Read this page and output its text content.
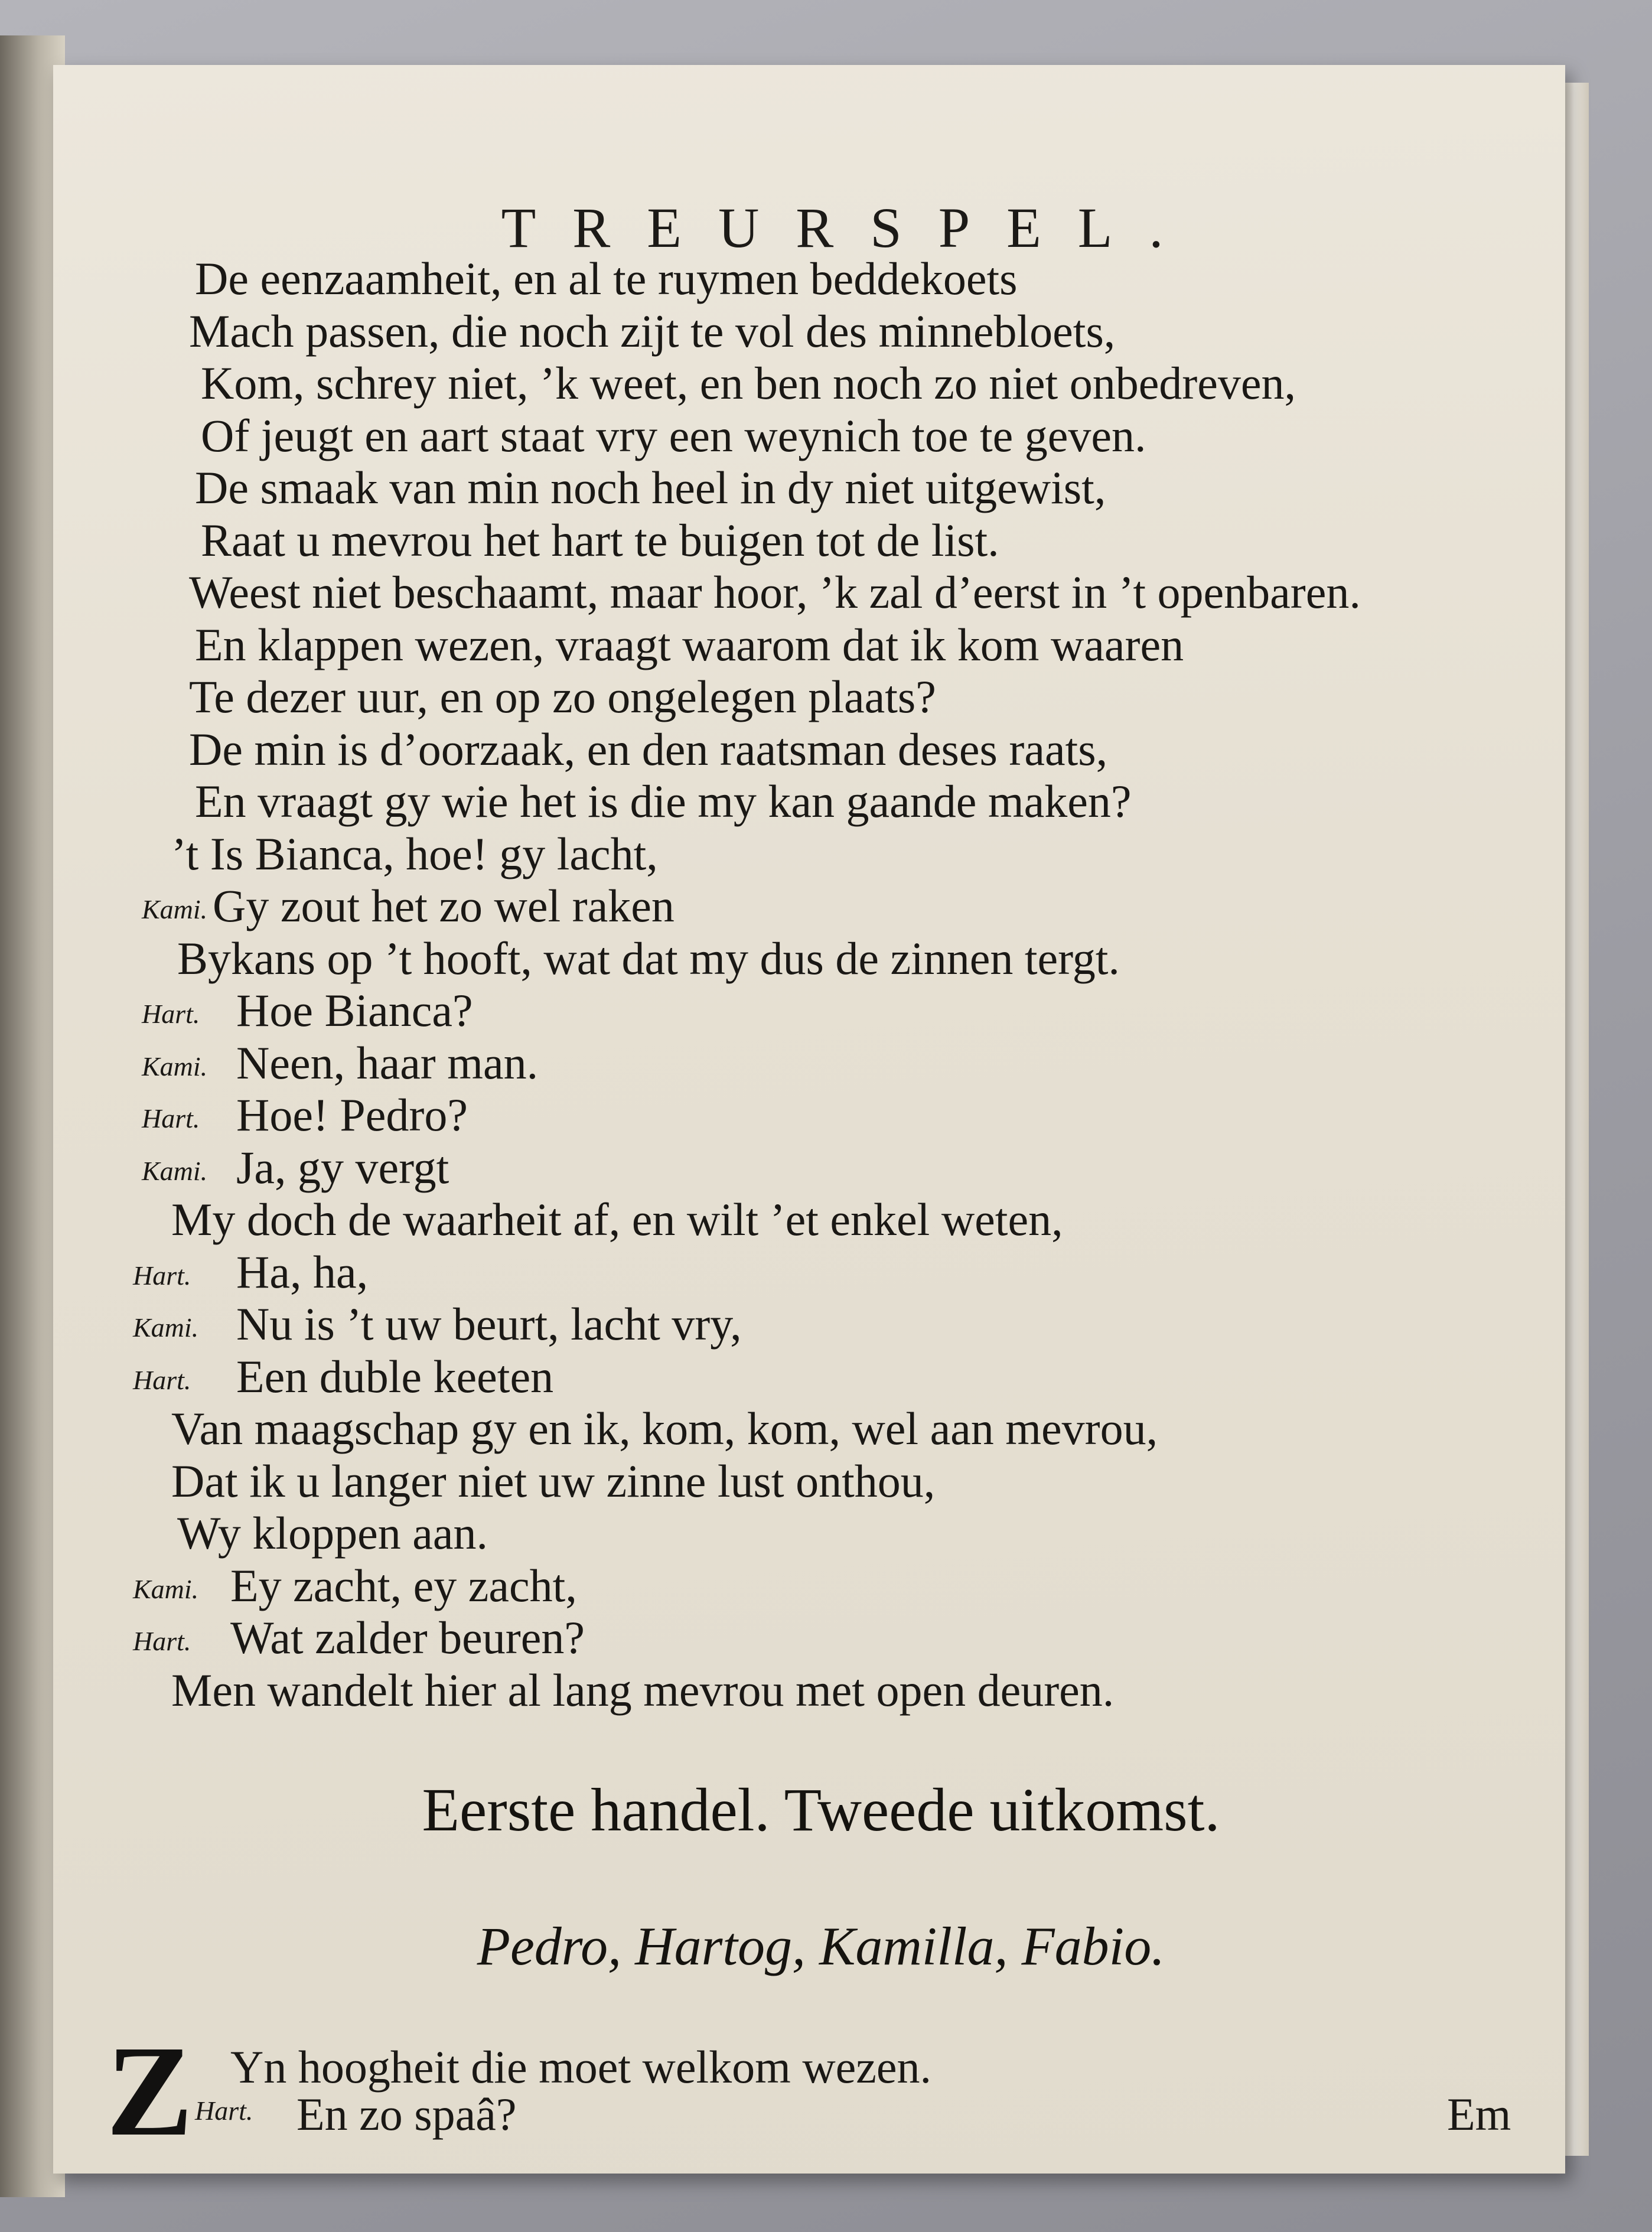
TREURSPEL.
De eenzaamheit, en al te ruymen beddekoets
Mach passen, die noch zijt te vol des minnebloets,
Kom, schrey niet, ’k weet, en ben noch zo niet onbedreven,
Of jeugt en aart staat vry een weynich toe te geven.
De smaak van min noch heel in dy niet uitgewist,
Raat u mevrou het hart te buigen tot de list.
Weest niet beschaamt, maar hoor, ’k zal d’eerst in ’t openbaren.
En klappen wezen, vraagt waarom dat ik kom waaren
Te dezer uur, en op zo ongelegen plaats?
De min is d’oorzaak, en den raatsman deses raats,
En vraagt gy wie het is die my kan gaande maken?
’t Is Bianca, hoe! gy lacht,
Kami. Gy zout het zo wel raken
Bykans op ’t hooft, wat dat my dus de zinnen tergt.
Hart. Hoe Bianca?
Kami. Neen, haar man.
Hart. Hoe! Pedro?
Kami. Ja, gy vergt
My doch de waarheit af, en wilt ’et enkel weten,
Hart. Ha, ha,
Kami. Nu is ’t uw beurt, lacht vry,
Hart. Een duble keeten
Van maagschap gy en ik, kom, kom, wel aan mevrou,
Dat ik u langer niet uw zinne lust onthou,
Wy kloppen aan.
Kami. Ey zacht, ey zacht,
Hart. Wat zalder beuren?
Men wandelt hier al lang mevrou met open deuren.
Eerste handel. Tweede uitkomst.
Pedro, Hartog, Kamilla, Fabio.
Z Yn hoogheit die moet welkom wezen.
Hart. En zo spaâ?	Em
